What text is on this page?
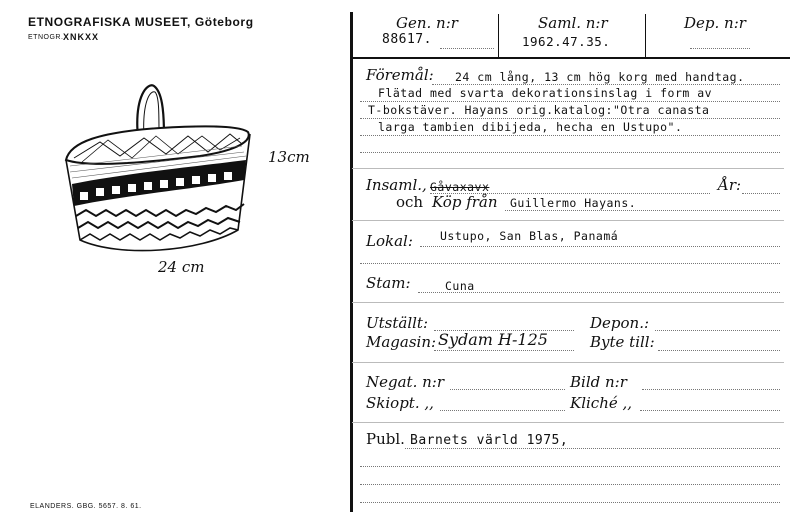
ETNOGRAFISKA MUSEET, Göteborg
ETNOGR. XNKXX
13cm
24 cm
ELANDERS. GBG. 5657. 8. 61.
Gen. n:r
88617.
Saml. n:r
1962.47.35.
Dep. n:r
Föremål: 24 cm lång, 13 cm hög korg med handtag.
Flätad med svarta dekorationsinslag i form av
T-bokstäver. Hayans orig.katalog:"Otra canasta
larga tambien dibijeda, hecha en Ustupo".
Insaml., Gåvaxavx	År:
och Köp från Guillermo Hayans.
Lokal: Ustupo, San Blas, Panamá
Stam:	Cuna
Utställt:	Depon.:
Magasin: Sydam H-125	Byte till:
Negat. n:r	Bild n:r
Skiopt. ,,	Kliché ,,
Publ. Barnets värld 1975,
